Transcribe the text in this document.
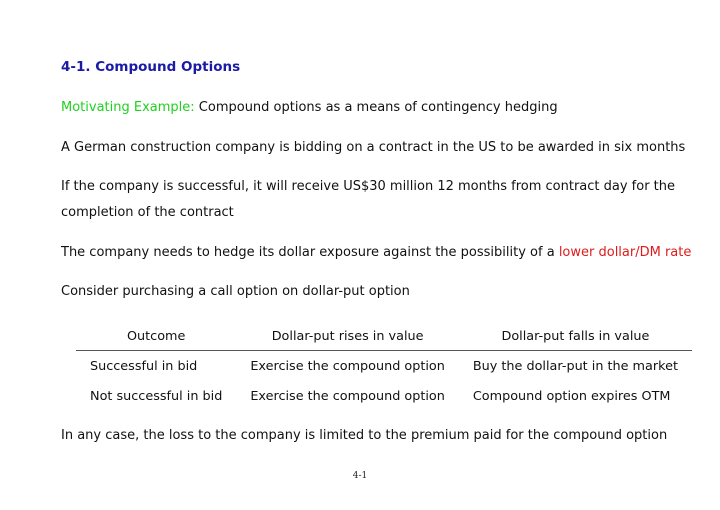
4-1. Compound Options
Motivating Example: Compound options as a means of contingency hedging
A German construction company is bidding on a contract in the US to be awarded in six months
If the company is successful, it will receive US$30 million 12 months from contract day for the
completion of the contract
The company needs to hedge its dollar exposure against the possibility of a lower dollar/DM rate
Consider purchasing a call option on dollar-put option
Outcome	Dollar-put rises in value	Dollar-put falls in value
Successful in bid	Exercise the compound option	Buy the dollar-put in the market
Not successful in bid	Exercise the compound option	Compound option expires OTM
In any case, the loss to the company is limited to the premium paid for the compound option
4-1
